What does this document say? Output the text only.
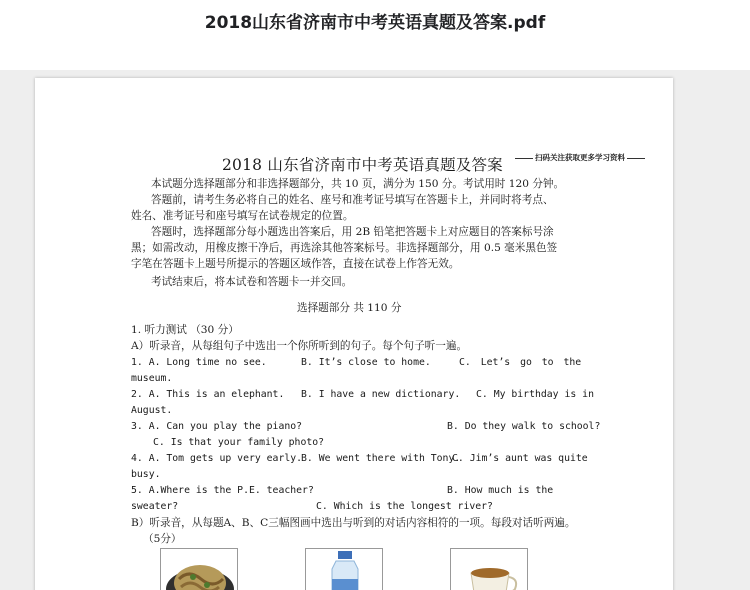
2018山东省济南市中考英语真题及答案.pdf
2018 山东省济南市中考英语真题及答案	扫码关注获取更多学习资料
本试题分选择题部分和非选择题部分，共 10 页，满分为 150 分。考试用时 120 分钟。
答题前，请考生务必将自己的姓名、座号和准考证号填写在答题卡上，并同时将考点、
姓名、准考证号和座号填写在试卷规定的位置。
答题时，选择题部分每小题选出答案后，用 2B 铅笔把答题卡上对应题目的答案标号涂
黑；如需改动，用橡皮擦干净后，再选涂其他答案标号。非选择题部分，用 0.5 毫米黑色签
字笔在答题卡上题号所提示的答题区域作答，直接在试卷上作答无效。
考试结束后，将本试卷和答题卡一并交回。
选择题部分 共 110 分
1. 听力测试 （30 分）
A）听录音，从每组句子中选出一个你所听到的句子。每个句子听一遍。
1. A. Long time no see.	B. It’s close to home.	C. Let’s go to the
museum.
2. A. This is an elephant. B. I have a new dictionary. C. My birthday is in
August.
3. A. Can you play the piano?	B. Do they walk to school?
C. Is that your family photo?
4. A. Tom gets up very early.
B. We went there with Tony.
C. Jim’s aunt was quite
busy.
5. A.Where is the P.E. teacher?	B. How much is the
sweater?	C. Which is the longest river?
B）听录音，从每题A、B、C三幅图画中选出与听到的对话内容相符的一项。每段对话听两遍。
（5分）
